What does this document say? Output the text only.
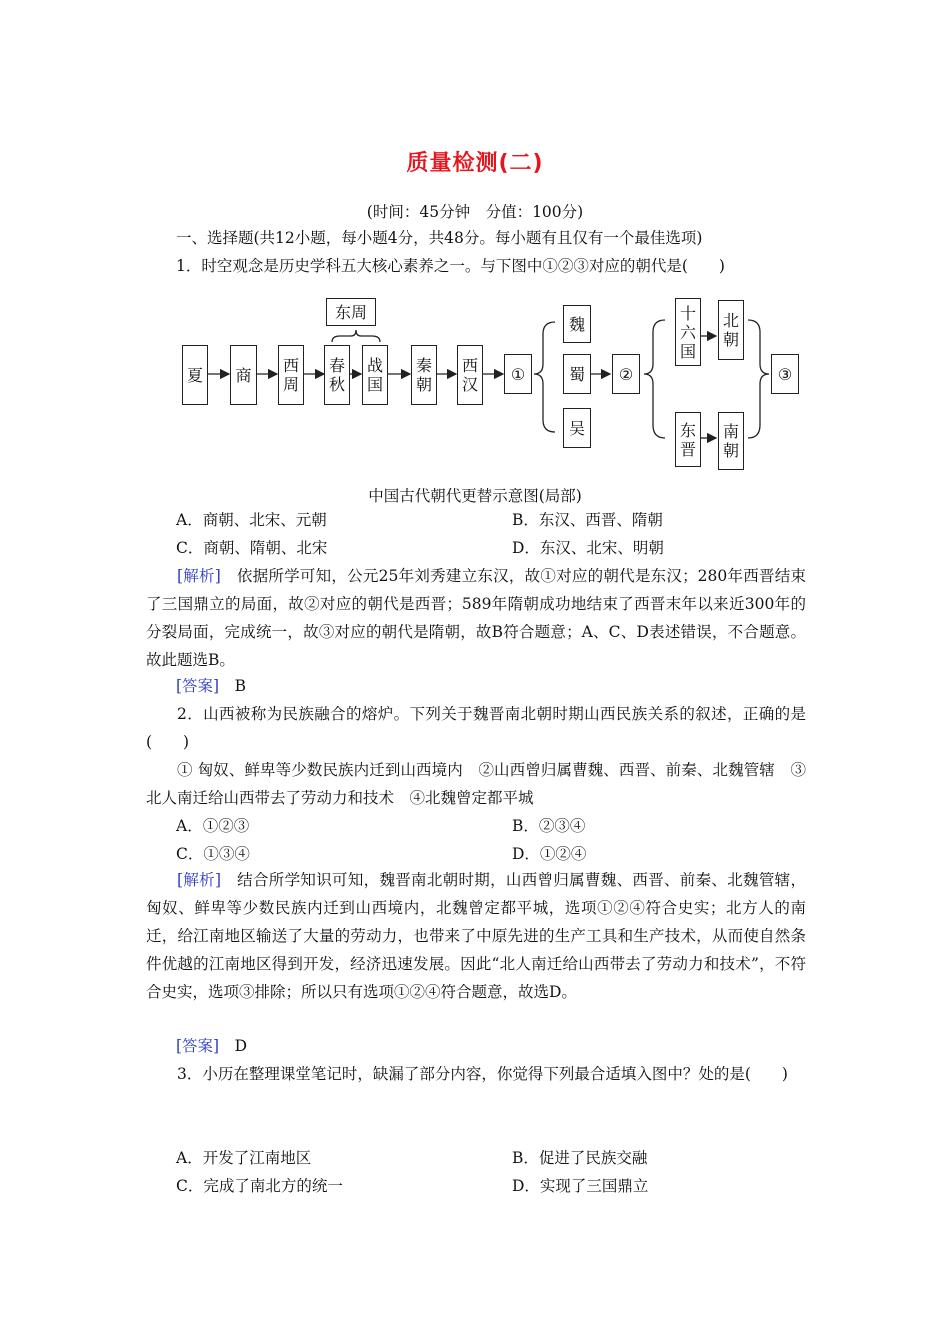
质量检测(二)
(时间：45分钟　分值：100分)
一、选择题(共12小题，每小题4分，共48分。每小题有且仅有一个最佳选项)
1．时空观念是历史学科五大核心素养之一。与下图中①②③对应的朝代是(　　)
夏	商	西周
东周
春秋
战国
秦朝
西汉
①
魏
蜀
吴
②
十六国
北朝
东晋
南朝
③
中国古代朝代更替示意图(局部)
A．商朝、北宋、元朝	B．东汉、西晋、隋朝
C．商朝、隋朝、北宋	D．东汉、北宋、明朝
[解析]　 依据所学可知，公元25年刘秀建立东汉，故①对应的朝代是东汉；280年西晋结束了三国鼎立的局面，故②对应的朝代是西晋；589年隋朝成功地结束了西晋末年以来近300年的分裂局面，完成统一，故③对应的朝代是隋朝，故B符合题意；A、C、D表述错误，不合题意。故此题选B。
[答案]　 B
2．山西被称为民族融合的熔炉。下列关于魏晋南北朝时期山西民族关系的叙述，正确的是(　　)
① 匈奴、鲜卑等少数民族内迁到山西境内　②山西曾归属曹魏、西晋、前秦、北魏管辖　③北人南迁给山西带去了劳动力和技术　④北魏曾定都平城
A．①②③	B．②③④
C．①③④	D．①②④
[解析]　 结合所学知识可知，魏晋南北朝时期，山西曾归属曹魏、西晋、前秦、北魏管辖，匈奴、鲜卑等少数民族内迁到山西境内，北魏曾定都平城，选项①②④符合史实；北方人的南迁，给江南地区输送了大量的劳动力，也带来了中原先进的生产工具和生产技术，从而使自然条件优越的江南地区得到开发，经济迅速发展。因此“北人南迁给山西带去了劳动力和技术”，不符合史实，选项③排除；所以只有选项①②④符合题意，故选D。
[答案]　 D
3．小历在整理课堂笔记时，缺漏了部分内容，你觉得下列最合适填入图中？处的是(　　)
A．开发了江南地区	B．促进了民族交融
C．完成了南北方的统一	D．实现了三国鼎立
